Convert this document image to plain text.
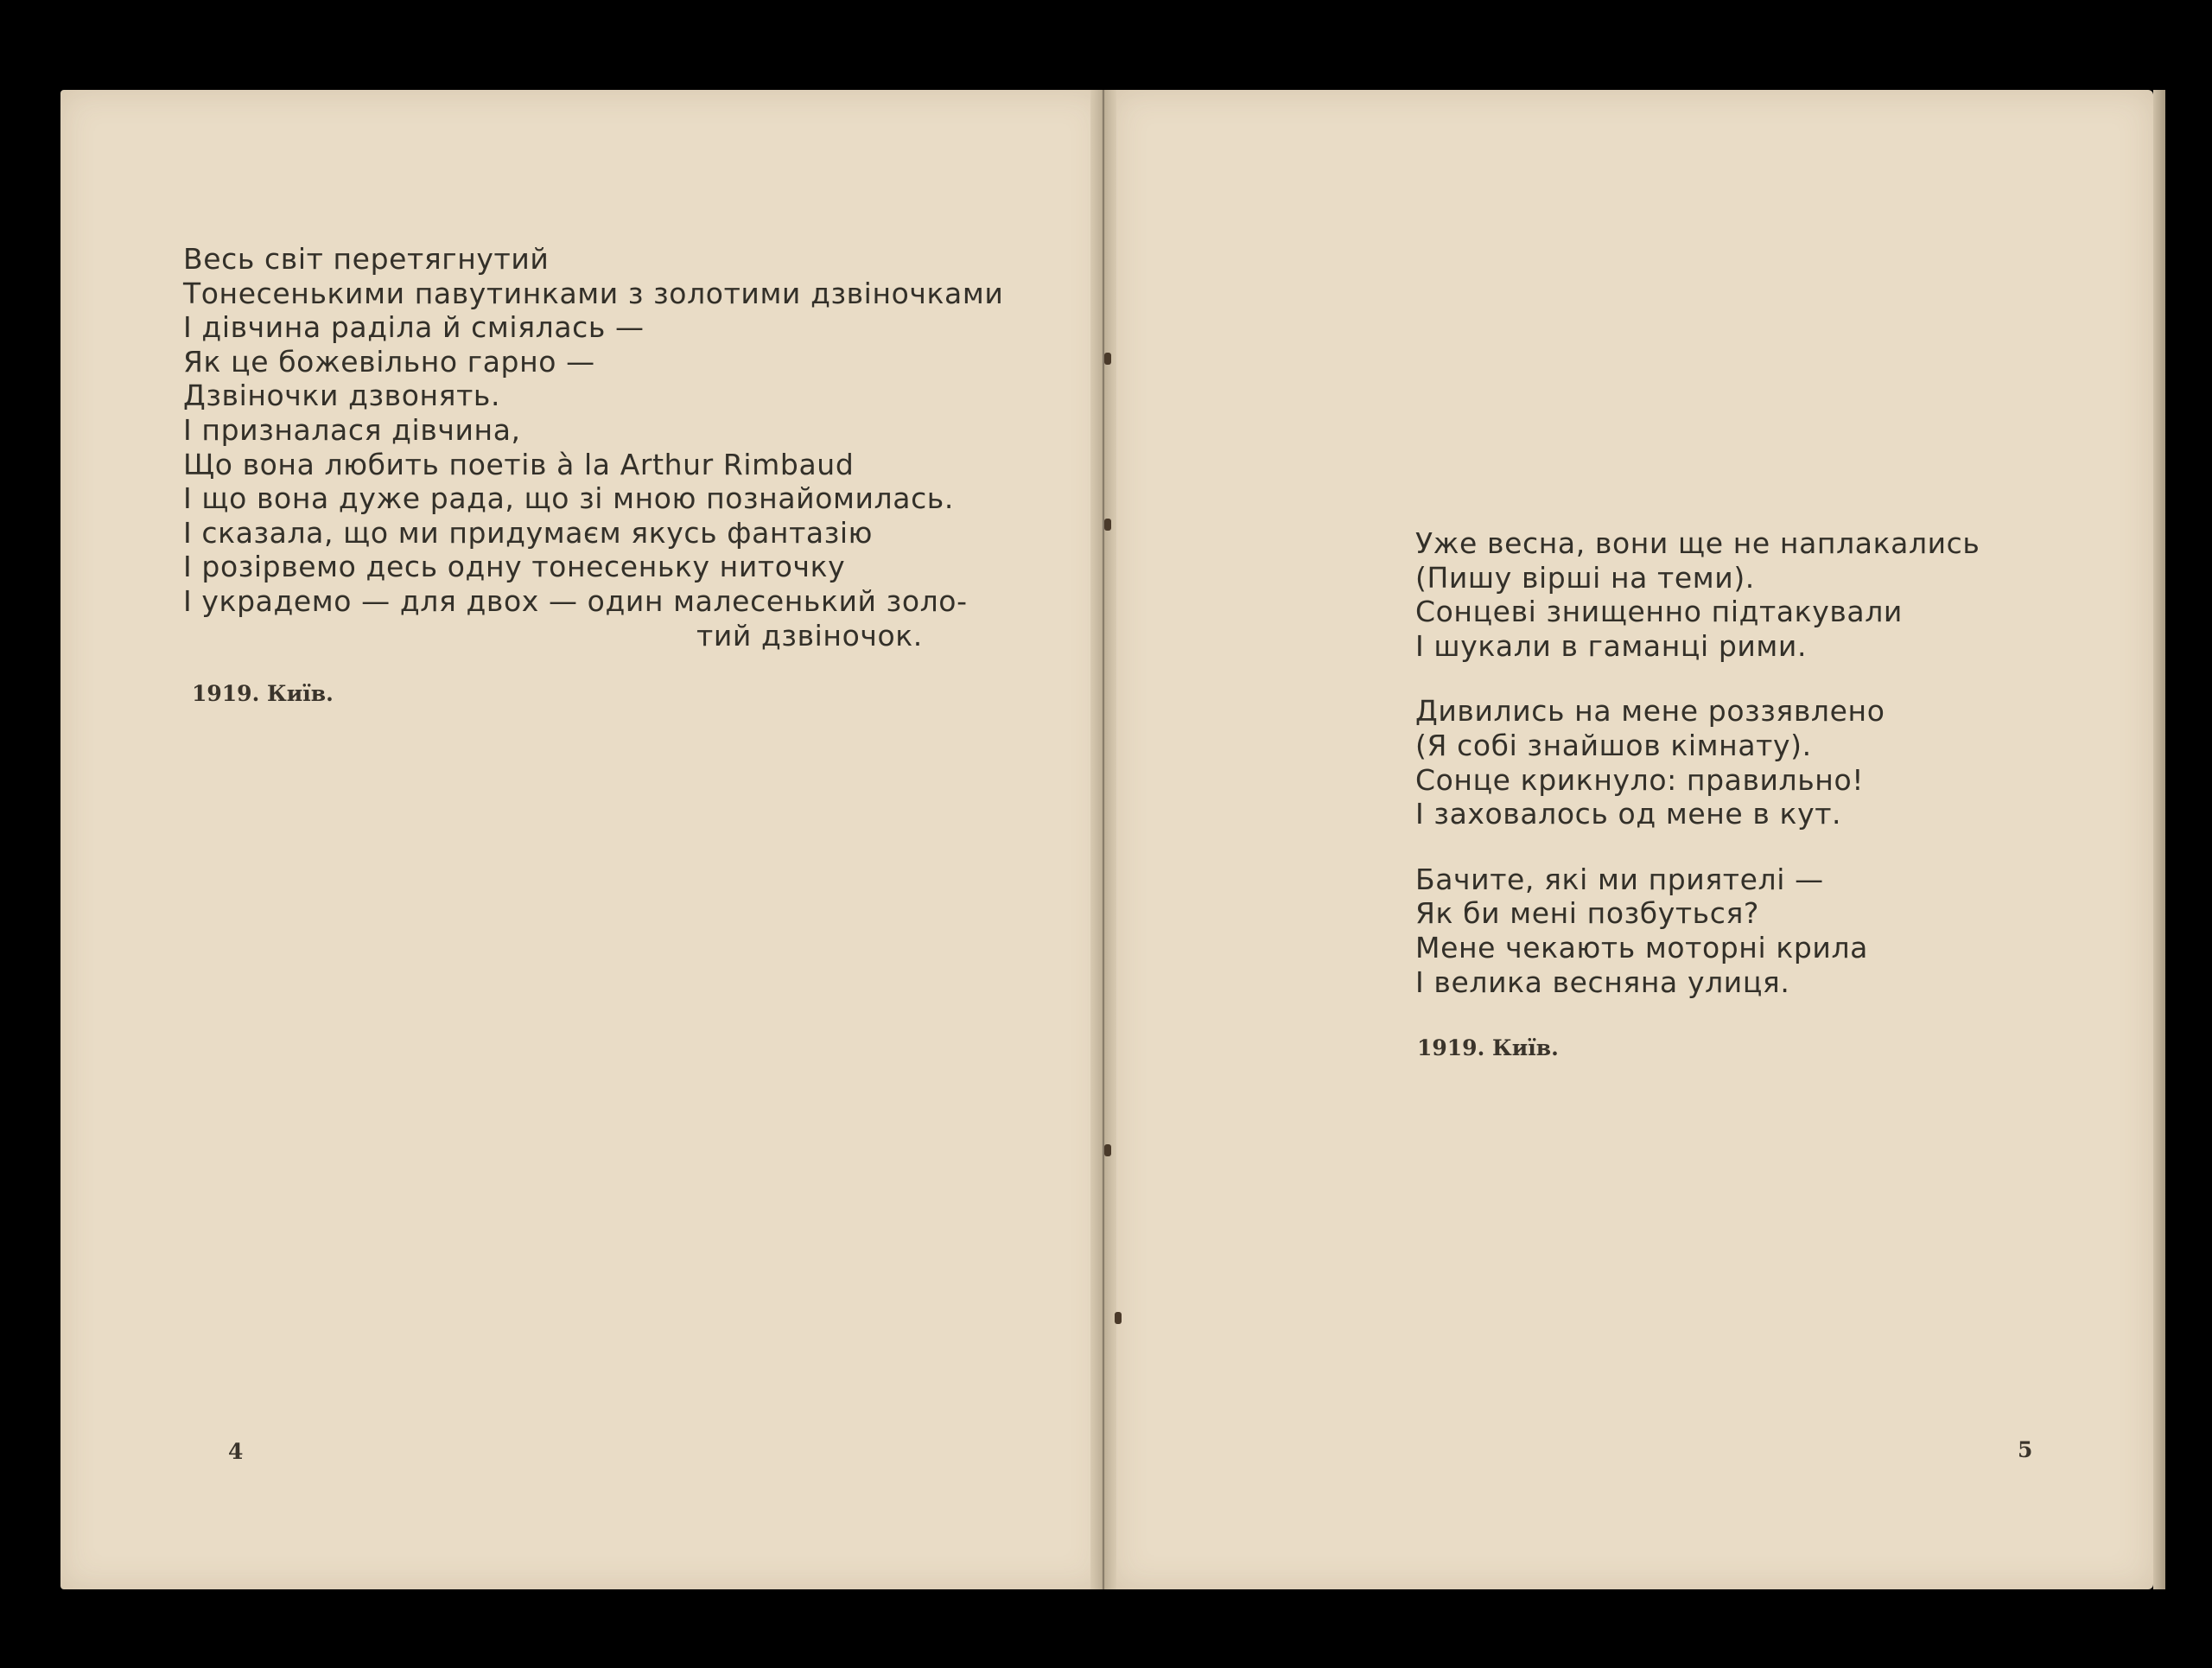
Весь світ перетягнутий
Тонесенькими павутинками з золотими дзвіночками
І дівчина раділа й сміялась —
Як це божевільно гарно —
Дзвіночки дзвонять.
І призналася дівчина,
Що вона любить поетів à la Arthur Rimbaud
І що вона дуже рада, що зі мною познайомилась.
І сказала, що ми придумаєм якусь фантазію
І розірвемо десь одну тонесеньку ниточку
І украдемо — для двох — один малесенький золо-
тий дзвіночок.
1919. Київ.
4
Уже весна, вони ще не наплакались
(Пишу вірші на теми).
Сонцеві знищенно підтакували
І шукали в гаманці рими.
Дивились на мене роззявлено
(Я собі знайшов кімнату).
Сонце крикнуло: правильно!
І заховалось од мене в кут.
Бачите, які ми приятелі —
Як би мені позбуться?
Мене чекають моторні крила
І велика весняна улиця.
1919. Київ.
5
